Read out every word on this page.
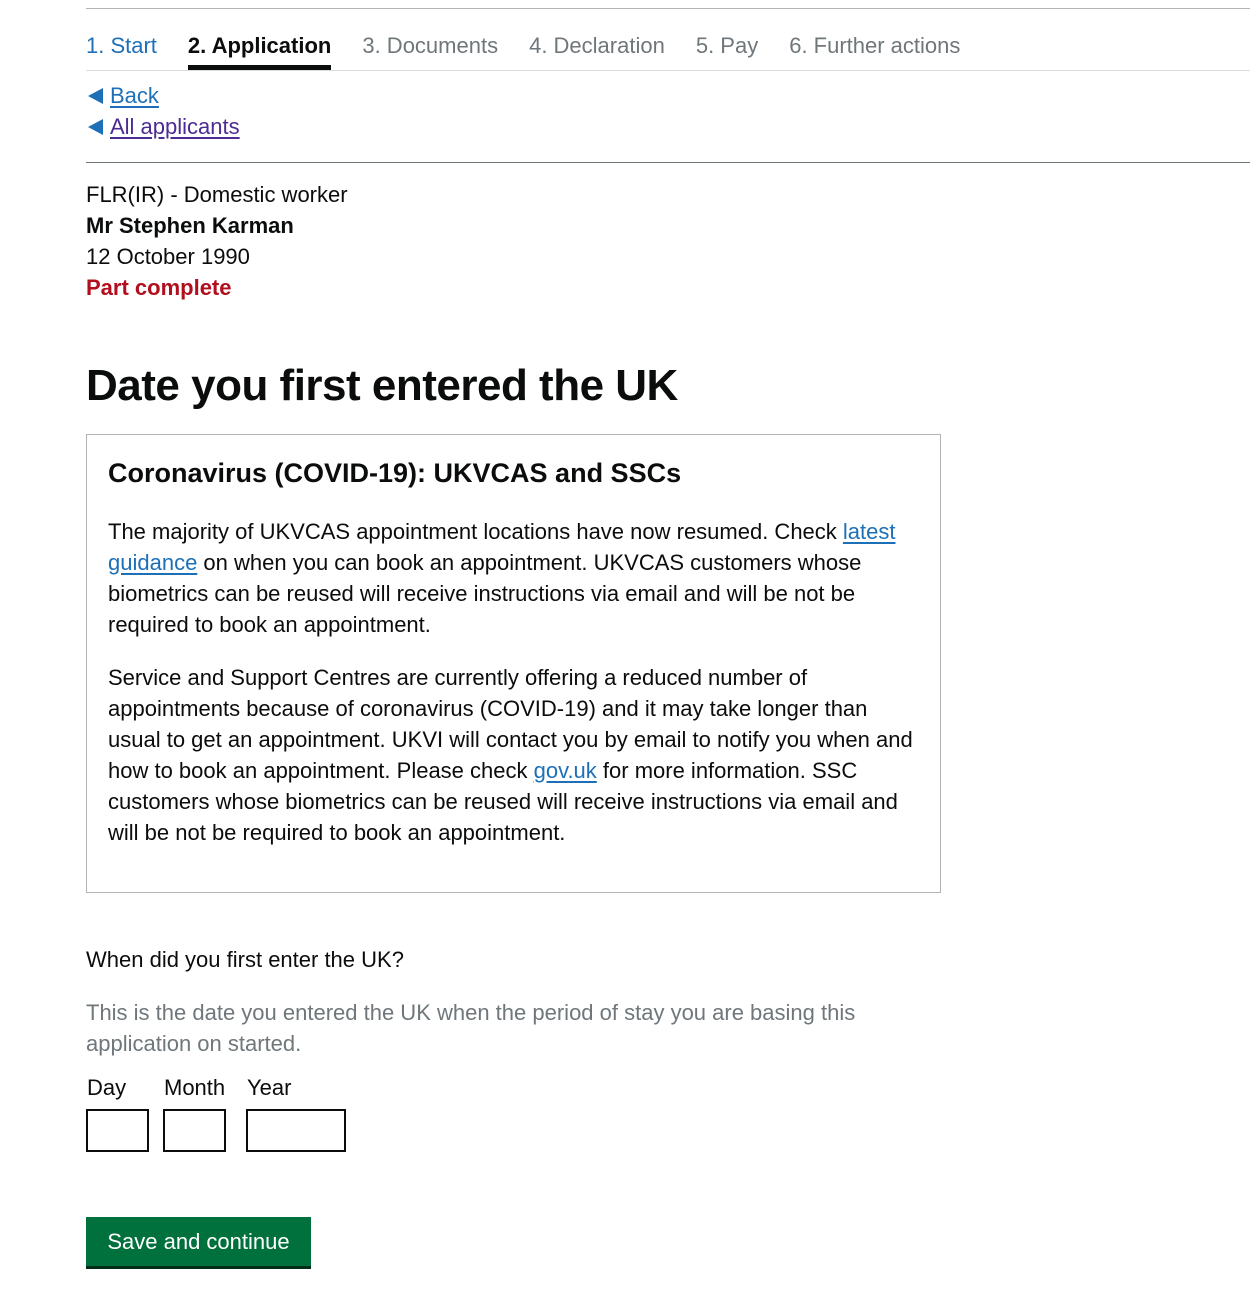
1. Start 2. Application 3. Documents 4. Declaration 5. Pay 6. Further actions
Back
All applicants
FLR(IR) - Domestic worker
Mr Stephen Karman
12 October 1990
Part complete
Date you first entered the UK
Coronavirus (COVID-19): UKVCAS and SSCs

The majority of UKVCAS appointment locations have now resumed. Check latest guidance on when you can book an appointment. UKVCAS customers whose biometrics can be reused will receive instructions via email and will be not be required to book an appointment.

Service and Support Centres are currently offering a reduced number of appointments because of coronavirus (COVID-19) and it may take longer than usual to get an appointment. UKVI will contact you by email to notify you when and how to book an appointment. Please check gov.uk for more information. SSC customers whose biometrics can be reused will receive instructions via email and will be not be required to book an appointment.

When did you first enter the UK?
This is the date you entered the UK when the period of stay you are basing this application on started.
Day Month Year
Save and continue
